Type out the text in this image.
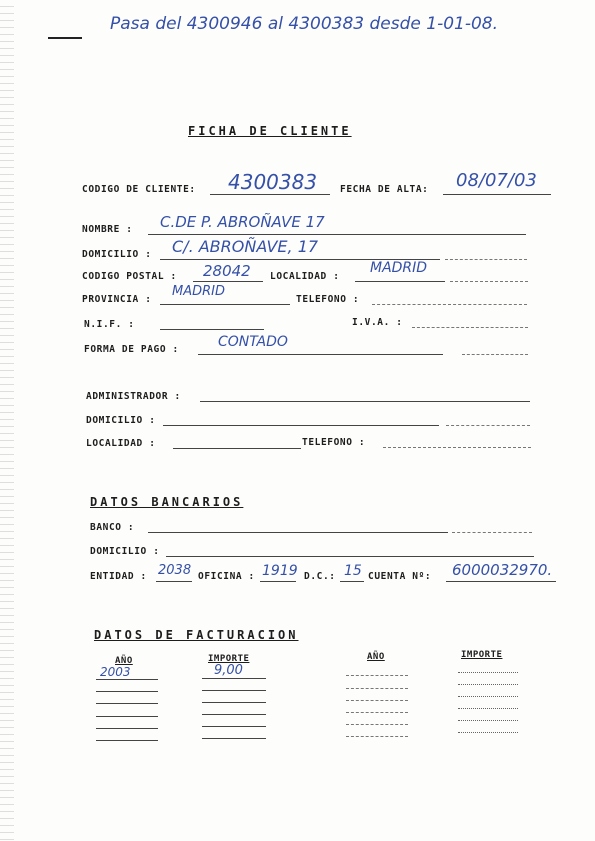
Pasa del 4300946 al 4300383 desde 1-01-08.
FICHA DE CLIENTE
CODIGO DE CLIENTE: 4300383 FECHA DE ALTA: 08/07/03
NOMBRE : C.DE P. ABROÑAVE 17
DOMICILIO : C/. ABROÑAVE, 17
CODIGO POSTAL : 28042 LOCALIDAD :
MADRID
PROVINCIA :
MADRID
TELEFONO :
N.I.F. :	I.V.A. :
FORMA DE PAGO :	CONTADO
ADMINISTRADOR :
DOMICILIO :
LOCALIDAD :	TELEFONO :
DATOS BANCARIOS
BANCO :
DOMICILIO :
ENTIDAD : 2038 OFICINA : 1919 D.C.: 15 CUENTA Nº: 6000032970.
DATOS DE FACTURACION
AÑO	IMPORTE	AÑO	IMPORTE
2003	9,00
